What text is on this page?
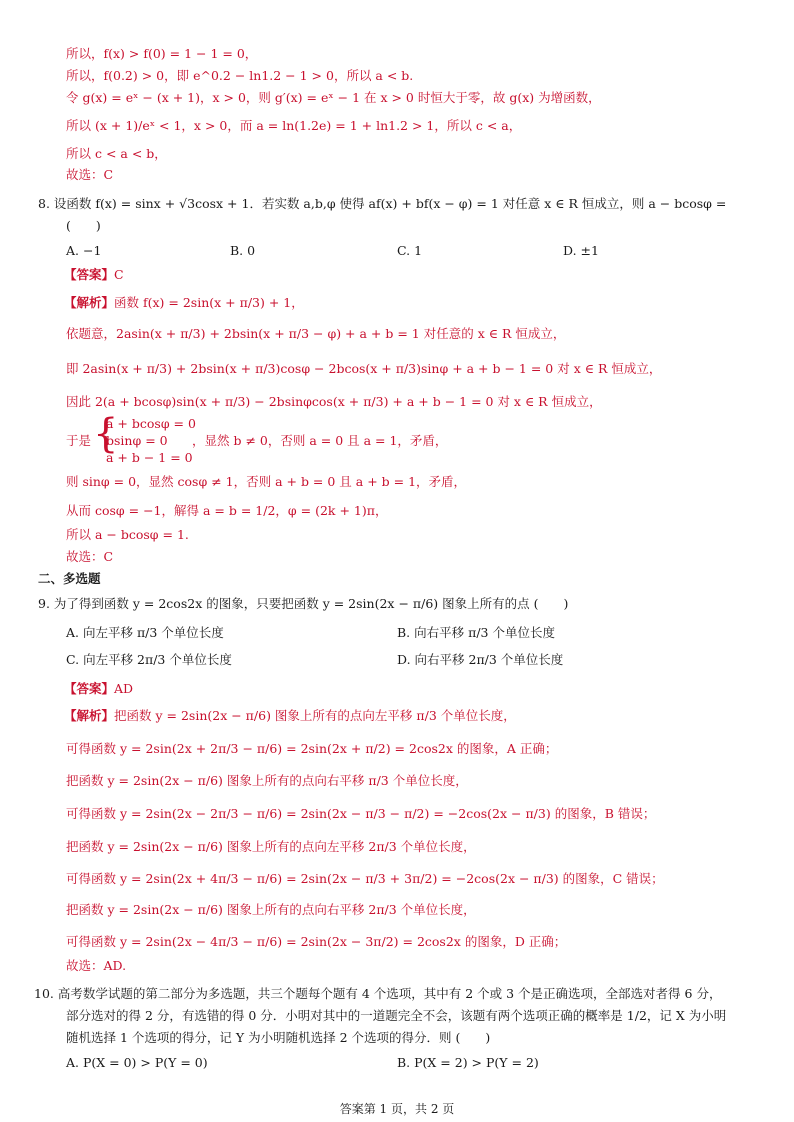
所以，f(x) > f(0) = 1 − 1 = 0，
所以，f(0.2) > 0，即 e^0.2 − ln1.2 − 1 > 0，所以 a < b.
令 g(x) = eˣ − (x + 1)，x > 0，则 g′(x) = eˣ − 1 在 x > 0 时恒大于零，故 g(x) 为增函数，
所以 (x + 1)/eˣ < 1，x > 0，而 a = ln(1.2e) = 1 + ln1.2 > 1，所以 c < a，
所以 c < a < b，
故选：C
8. 设函数 f(x) = sinx + √3cosx + 1．若实数 a,b,φ 使得 af(x) + bf(x − φ) = 1 对任意 x ∈ R 恒成立，则 a − bcosφ =
(　　)
A. −1	B. 0	C. 1	D. ±1
【答案】C
【解析】函数 f(x) = 2sin(x + π/3) + 1，
依题意，2asin(x + π/3) + 2bsin(x + π/3 − φ) + a + b = 1 对任意的 x ∈ R 恒成立，
即 2asin(x + π/3) + 2bsin(x + π/3)cosφ − 2bcos(x + π/3)sinφ + a + b − 1 = 0 对 x ∈ R 恒成立，
因此 2(a + bcosφ)sin(x + π/3) − 2bsinφcos(x + π/3) + a + b − 1 = 0 对 x ∈ R 恒成立，
于是 {
a + bcosφ = 0
bsinφ = 0
a + b − 1 = 0
，显然 b ≠ 0，否则 a = 0 且 a = 1，矛盾，
则 sinφ = 0，显然 cosφ ≠ 1，否则 a + b = 0 且 a + b = 1，矛盾，
从而 cosφ = −1，解得 a = b = 1/2，φ = (2k + 1)π，
所以 a − bcosφ = 1.
故选：C
二、多选题
9. 为了得到函数 y = 2cos2x 的图象，只要把函数 y = 2sin(2x − π/6) 图象上所有的点 (　　)
A. 向左平移 π/3 个单位长度	B. 向右平移 π/3 个单位长度
C. 向左平移 2π/3 个单位长度	D. 向右平移 2π/3 个单位长度
【答案】AD
【解析】把函数 y = 2sin(2x − π/6) 图象上所有的点向左平移 π/3 个单位长度，
可得函数 y = 2sin(2x + 2π/3 − π/6) = 2sin(2x + π/2) = 2cos2x 的图象，A 正确；
把函数 y = 2sin(2x − π/6) 图象上所有的点向右平移 π/3 个单位长度，
可得函数 y = 2sin(2x − 2π/3 − π/6) = 2sin(2x − π/3 − π/2) = −2cos(2x − π/3) 的图象，B 错误；
把函数 y = 2sin(2x − π/6) 图象上所有的点向左平移 2π/3 个单位长度，
可得函数 y = 2sin(2x + 4π/3 − π/6) = 2sin(2x − π/3 + 3π/2) = −2cos(2x − π/3) 的图象，C 错误；
把函数 y = 2sin(2x − π/6) 图象上所有的点向右平移 2π/3 个单位长度，
可得函数 y = 2sin(2x − 4π/3 − π/6) = 2sin(2x − 3π/2) = 2cos2x 的图象，D 正确；
故选：AD.
10. 高考数学试题的第二部分为多选题，共三个题每个题有 4 个选项，其中有 2 个或 3 个是正确选项，全部选对者得 6 分，
部分选对的得 2 分，有选错的得 0 分．小明对其中的一道题完全不会，该题有两个选项正确的概率是 1/2，记 X 为小明
随机选择 1 个选项的得分，记 Y 为小明随机选择 2 个选项的得分．则 (　　)
A. P(X = 0) > P(Y = 0)	B. P(X = 2) > P(Y = 2)
答案第 1 页，共 2 页
